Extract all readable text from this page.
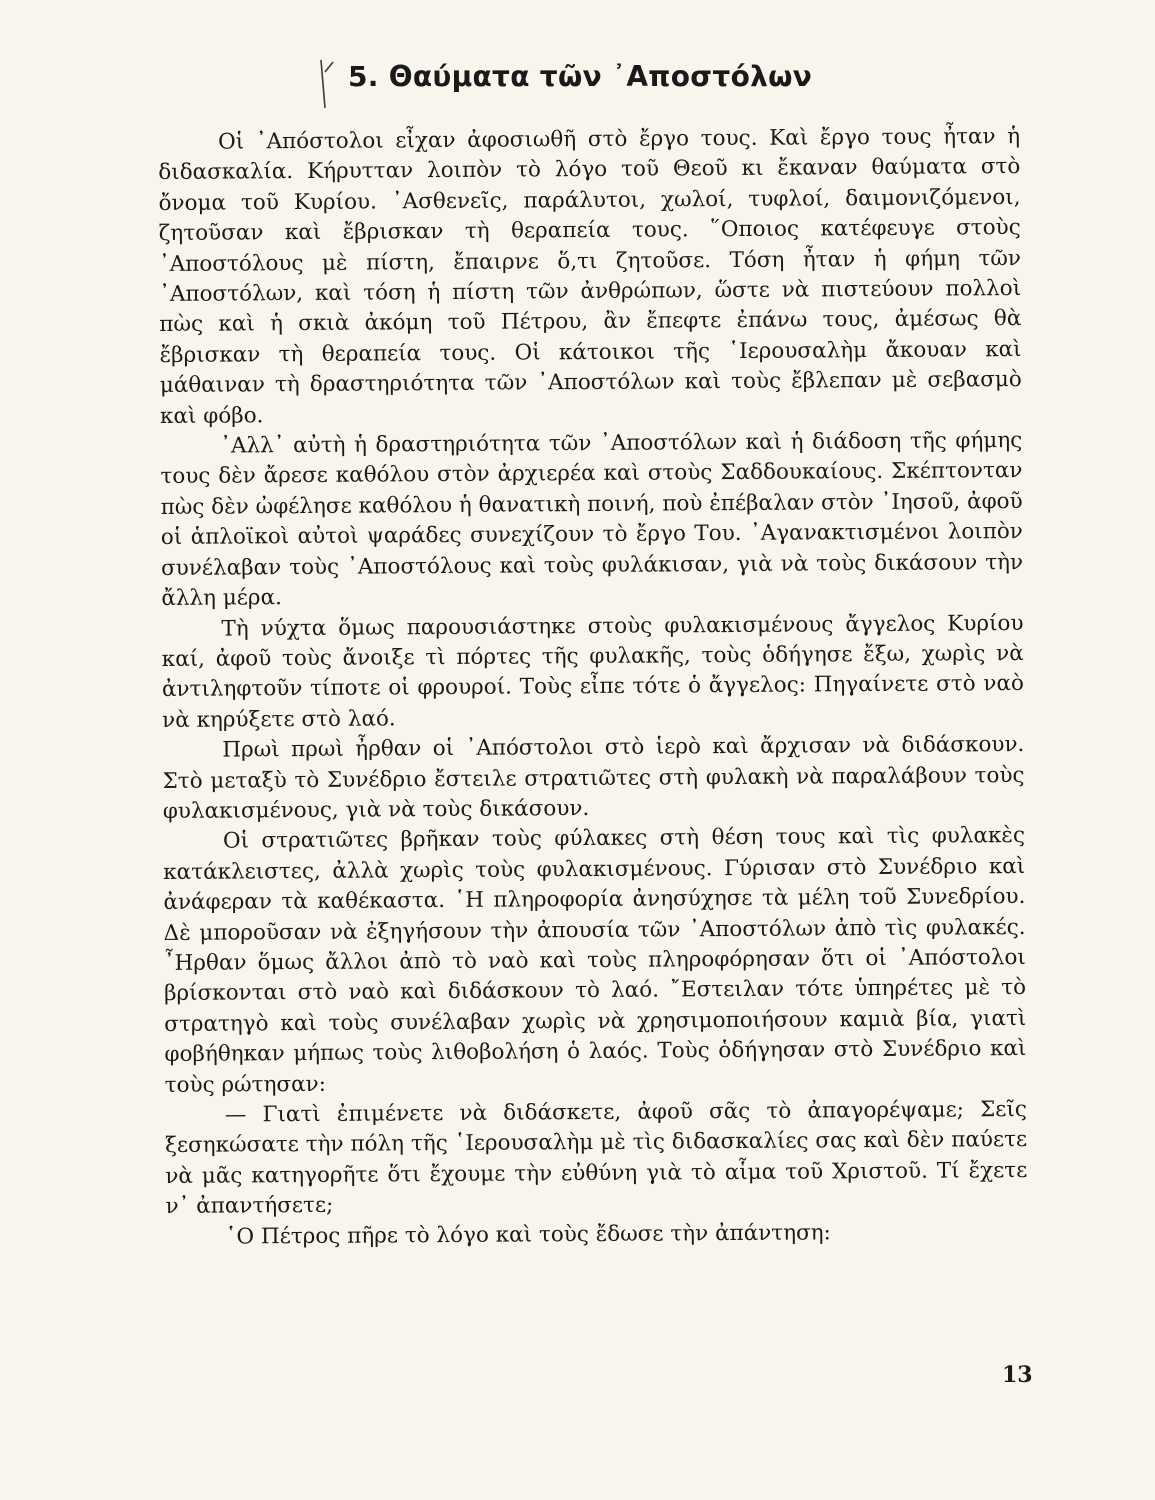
5. Θαύματα τῶν ᾿Αποστόλων

Οἱ ᾿Απόστολοι εἶχαν ἀφοσιωθῆ στὸ ἔργο τους. Καὶ ἔργο τους ἦταν ἡ διδασκαλία. Κήρυτταν λοιπὸν τὸ λόγο τοῦ Θεοῦ κι ἔκαναν θαύματα στὸ ὄνομα τοῦ Κυρίου. ᾿Ασθενεῖς, παράλυτοι, χωλοί, τυφλοί, δαιμονιζόμενοι, ζητοῦσαν καὶ ἔβρισκαν τὴ θεραπεία τους. ῞Οποιος κατέφευγε στοὺς ᾿Αποστόλους μὲ πίστη, ἔπαιρνε ὅ,τι ζητοῦσε. Τόση ἦταν ἡ φήμη τῶν ᾿Αποστόλων, καὶ τόση ἡ πίστη τῶν ἀνθρώπων, ὥστε νὰ πιστεύουν πολλοὶ πὼς καὶ ἡ σκιὰ ἀκόμη τοῦ Πέτρου, ἂν ἔπεφτε ἐπάνω τους, ἀμέσως θὰ ἔβρισκαν τὴ θεραπεία τους. Οἱ κάτοικοι τῆς ῾Ιερουσαλὴμ ἄκουαν καὶ μάθαιναν τὴ δραστηριότητα τῶν ᾿Αποστόλων καὶ τοὺς ἔβλεπαν μὲ σεβασμὸ καὶ φόβο.

᾿Αλλ᾿ αὐτὴ ἡ δραστηριότητα τῶν ᾿Αποστόλων καὶ ἡ διάδοση τῆς φήμης τους δὲν ἄρεσε καθόλου στὸν ἀρχιερέα καὶ στοὺς Σαδδουκαίους. Σκέπτονταν πὼς δὲν ὠφέλησε καθόλου ἡ θανατικὴ ποινή, ποὺ ἐπέβαλαν στὸν ᾿Ιησοῦ, ἀφοῦ οἱ ἁπλοϊκοὶ αὐτοὶ ψαράδες συνεχίζουν τὸ ἔργο Του. ᾿Αγανακτισμένοι λοιπὸν συνέλαβαν τοὺς ᾿Αποστόλους καὶ τοὺς φυλάκισαν, γιὰ νὰ τοὺς δικάσουν τὴν ἄλλη μέρα.

Τὴ νύχτα ὅμως παρουσιάστηκε στοὺς φυλακισμένους ἄγγελος Κυρίου καί, ἀφοῦ τοὺς ἄνοιξε τὶ πόρτες τῆς φυλακῆς, τοὺς ὁδήγησε ἔξω, χωρὶς νὰ ἀντιληφτοῦν τίποτε οἱ φρουροί. Τοὺς εἶπε τότε ὁ ἄγγελος: Πηγαίνετε στὸ ναὸ νὰ κηρύξετε στὸ λαό.

Πρωὶ πρωὶ ἦρθαν οἱ ᾿Απόστολοι στὸ ἱερὸ καὶ ἄρχισαν νὰ διδάσκουν. Στὸ μεταξὺ τὸ Συνέδριο ἔστειλε στρατιῶτες στὴ φυλακὴ νὰ παραλάβουν τοὺς φυλακισμένους, γιὰ νὰ τοὺς δικάσουν.

Οἱ στρατιῶτες βρῆκαν τοὺς φύλακες στὴ θέση τους καὶ τὶς φυλακὲς κατάκλειστες, ἀλλὰ χωρὶς τοὺς φυλακισμένους. Γύρισαν στὸ Συνέδριο καὶ ἀνάφεραν τὰ καθέκαστα. ῾Η πληροφορία ἀνησύχησε τὰ μέλη τοῦ Συνεδρίου. Δὲ μποροῦσαν νὰ ἐξηγήσουν τὴν ἀπουσία τῶν ᾿Αποστόλων ἀπὸ τὶς φυλακές. ῏Ηρθαν ὅμως ἄλλοι ἀπὸ τὸ ναὸ καὶ τοὺς πληροφόρησαν ὅτι οἱ ᾿Απόστολοι βρίσκονται στὸ ναὸ καὶ διδάσκουν τὸ λαό. ῎Εστειλαν τότε ὑπηρέτες μὲ τὸ στρατηγὸ καὶ τοὺς συνέλαβαν χωρὶς νὰ χρησιμοποιήσουν καμιὰ βία, γιατὶ φοβήθηκαν μήπως τοὺς λιθοβολήση ὁ λαός. Τοὺς ὁδήγησαν στὸ Συνέδριο καὶ τοὺς ρώτησαν:

— Γιατὶ ἐπιμένετε νὰ διδάσκετε, ἀφοῦ σᾶς τὸ ἀπαγορέψαμε; Σεῖς ξεσηκώσατε τὴν πόλη τῆς ῾Ιερουσαλὴμ μὲ τὶς διδασκαλίες σας καὶ δὲν παύετε νὰ μᾶς κατηγορῆτε ὅτι ἔχουμε τὴν εὐθύνη γιὰ τὸ αἷμα τοῦ Χριστοῦ. Τί ἔχετε ν᾿ ἀπαντήσετε;

῾Ο Πέτρος πῆρε τὸ λόγο καὶ τοὺς ἔδωσε τὴν ἀπάντηση:

13
